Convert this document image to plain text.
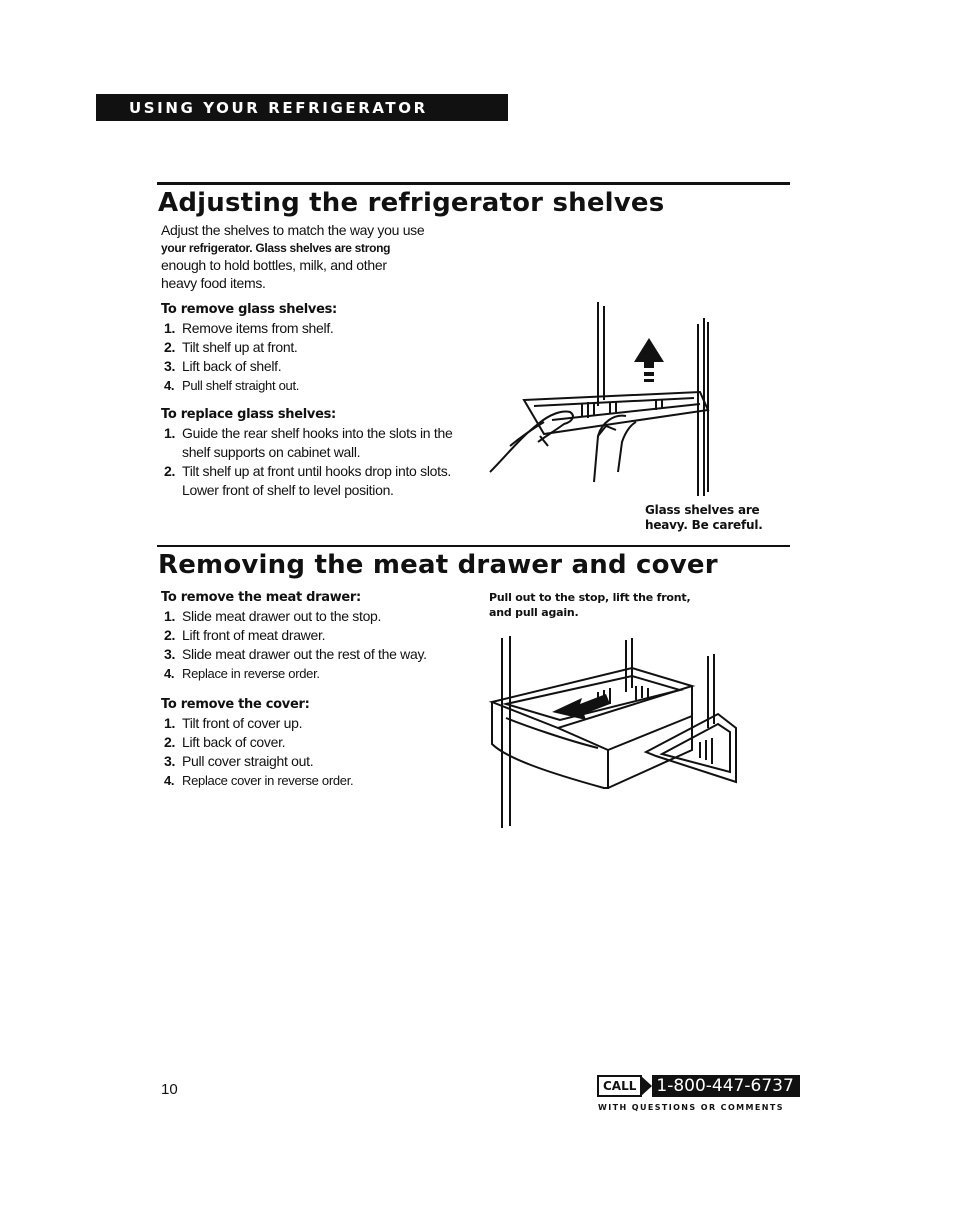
USING YOUR REFRIGERATOR
Adjusting the refrigerator shelves

Adjust the shelves to match the way you use

your refrigerator. Glass shelves are strong

enough to hold bottles, milk, and other

heavy food items.

To remove glass shelves:

1. Remove items from shelf.
2. Tilt shelf up at front.
3. Lift back of shelf.
4. Pull shelf straight out.

To replace glass shelves:

1. Guide the rear shelf hooks into the slots in the shelf supports on cabinet wall.
2. Tilt shelf up at front until hooks drop into slots. Lower front of shelf to level position.
Glass shelves are
heavy. Be careful.
Removing the meat drawer and cover

To remove the meat drawer:

1. Slide meat drawer out to the stop.
2. Lift front of meat drawer.
3. Slide meat drawer out the rest of the way.
4. Replace in reverse order.

To remove the cover:

1. Tilt front of cover up.
2. Lift back of cover.
3. Pull cover straight out.
4. Replace cover in reverse order.
Pull out to the stop, lift the front,
and pull again.
10	CALL	1-800-447-6737
WITH QUESTIONS OR COMMENTS
